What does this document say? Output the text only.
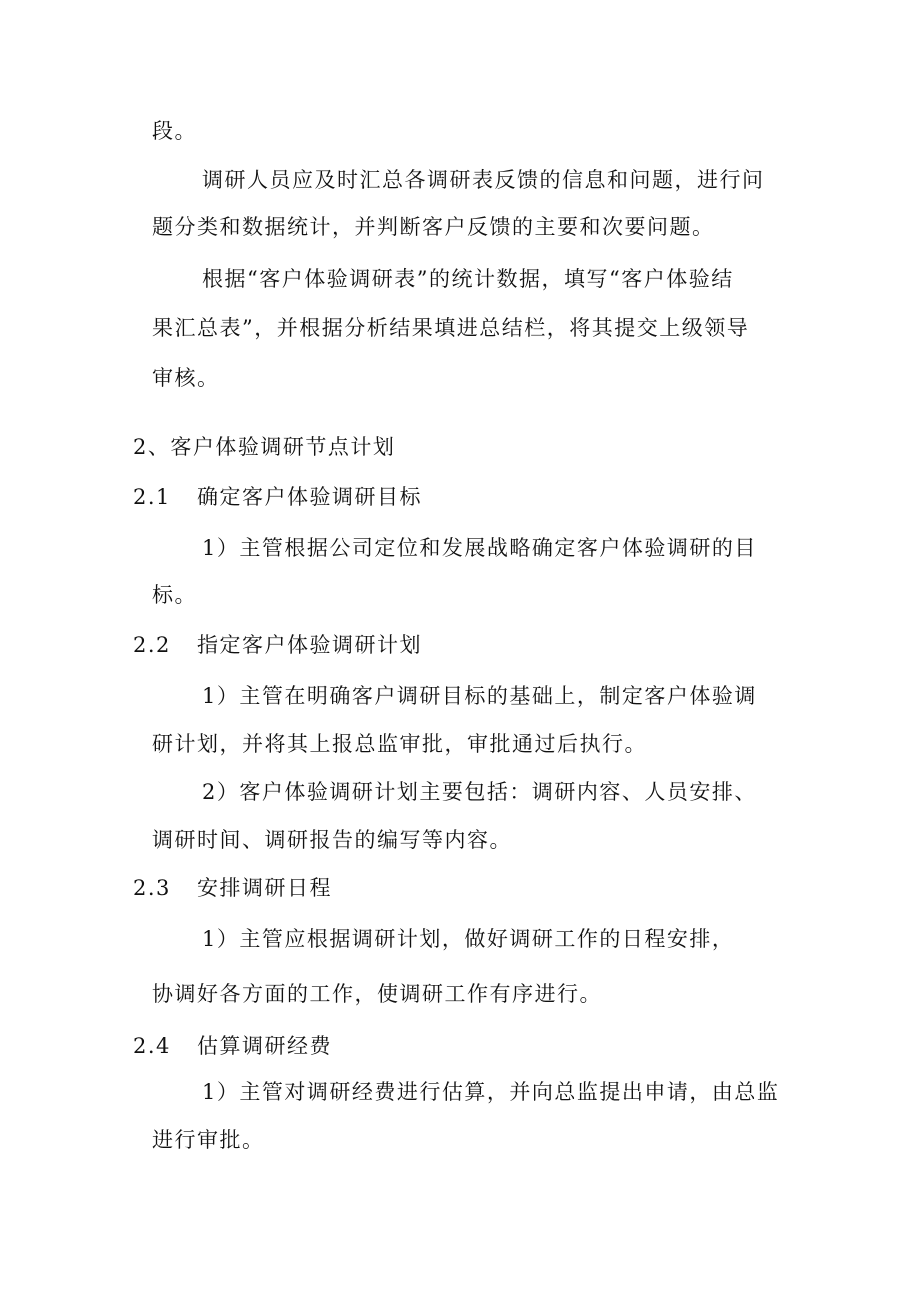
段。
调研人员应及时汇总各调研表反馈的信息和问题，进行问
题分类和数据统计，并判断客户反馈的主要和次要问题。
根据“客户体验调研表”的统计数据，填写“客户体验结
果汇总表”，并根据分析结果填进总结栏，将其提交上级领导
审核。
2、客户体验调研节点计划
2.1 确定客户体验调研目标
1）主管根据公司定位和发展战略确定客户体验调研的目
标。
2.2 指定客户体验调研计划
1）主管在明确客户调研目标的基础上，制定客户体验调
研计划，并将其上报总监审批，审批通过后执行。
2）客户体验调研计划主要包括：调研内容、人员安排、
调研时间、调研报告的编写等内容。
2.3 安排调研日程
1）主管应根据调研计划，做好调研工作的日程安排，
协调好各方面的工作，使调研工作有序进行。
2.4 估算调研经费
1）主管对调研经费进行估算，并向总监提出申请，由总监
进行审批。
